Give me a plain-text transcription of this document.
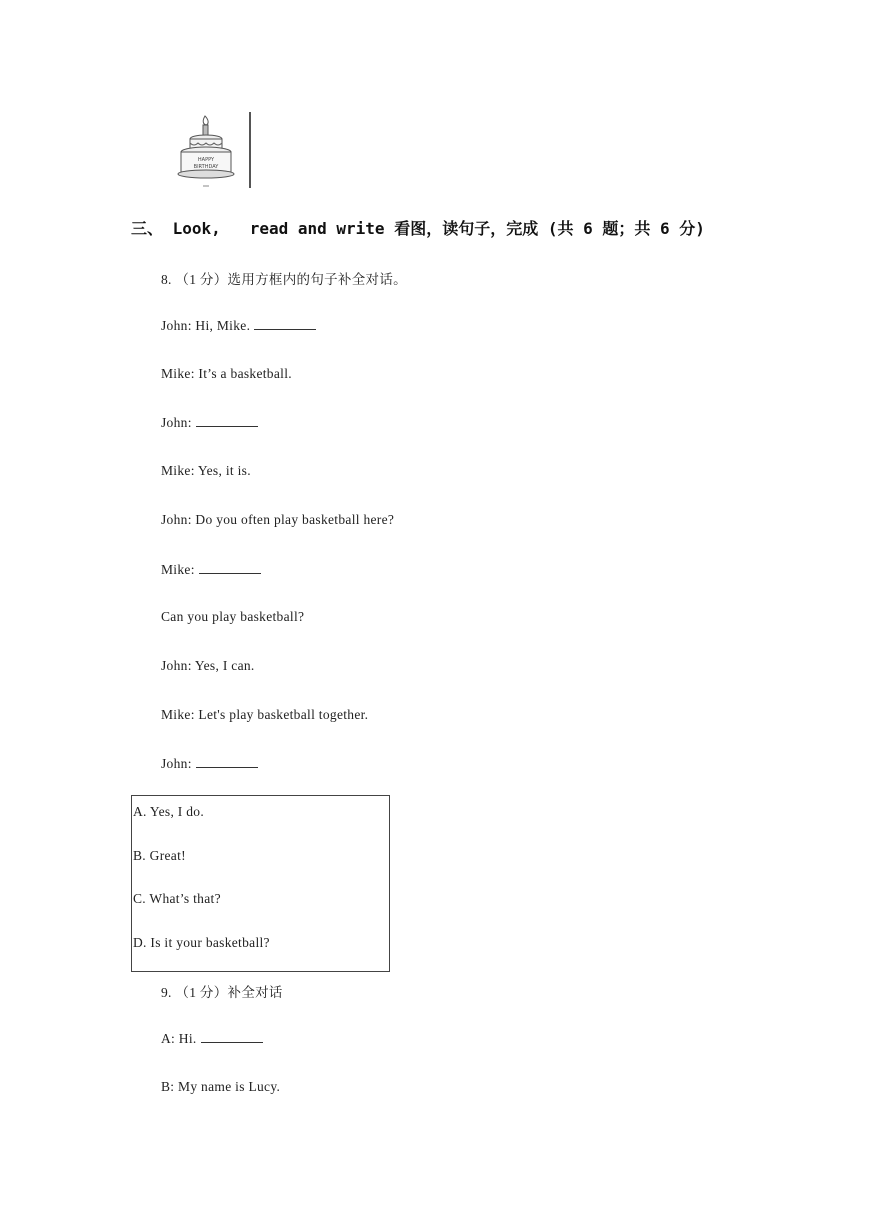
HAPPY
BIRTHDAY
三、 Look,   read and write 看图，读句子，完成 (共 6 题；共 6 分)
8. （1 分）选用方框内的句子补全对话。
John: Hi, Mike.
Mike: It’s a basketball.
John:
Mike: Yes, it is.
John: Do you often play basketball here?
Mike:
Can you play basketball?
John: Yes, I can.
Mike: Let's play basketball together.
John:
A. Yes, I do.
B. Great!
C. What’s that?
D. Is it your basketball?
9. （1 分）补全对话
A: Hi.
B: My name is Lucy.
